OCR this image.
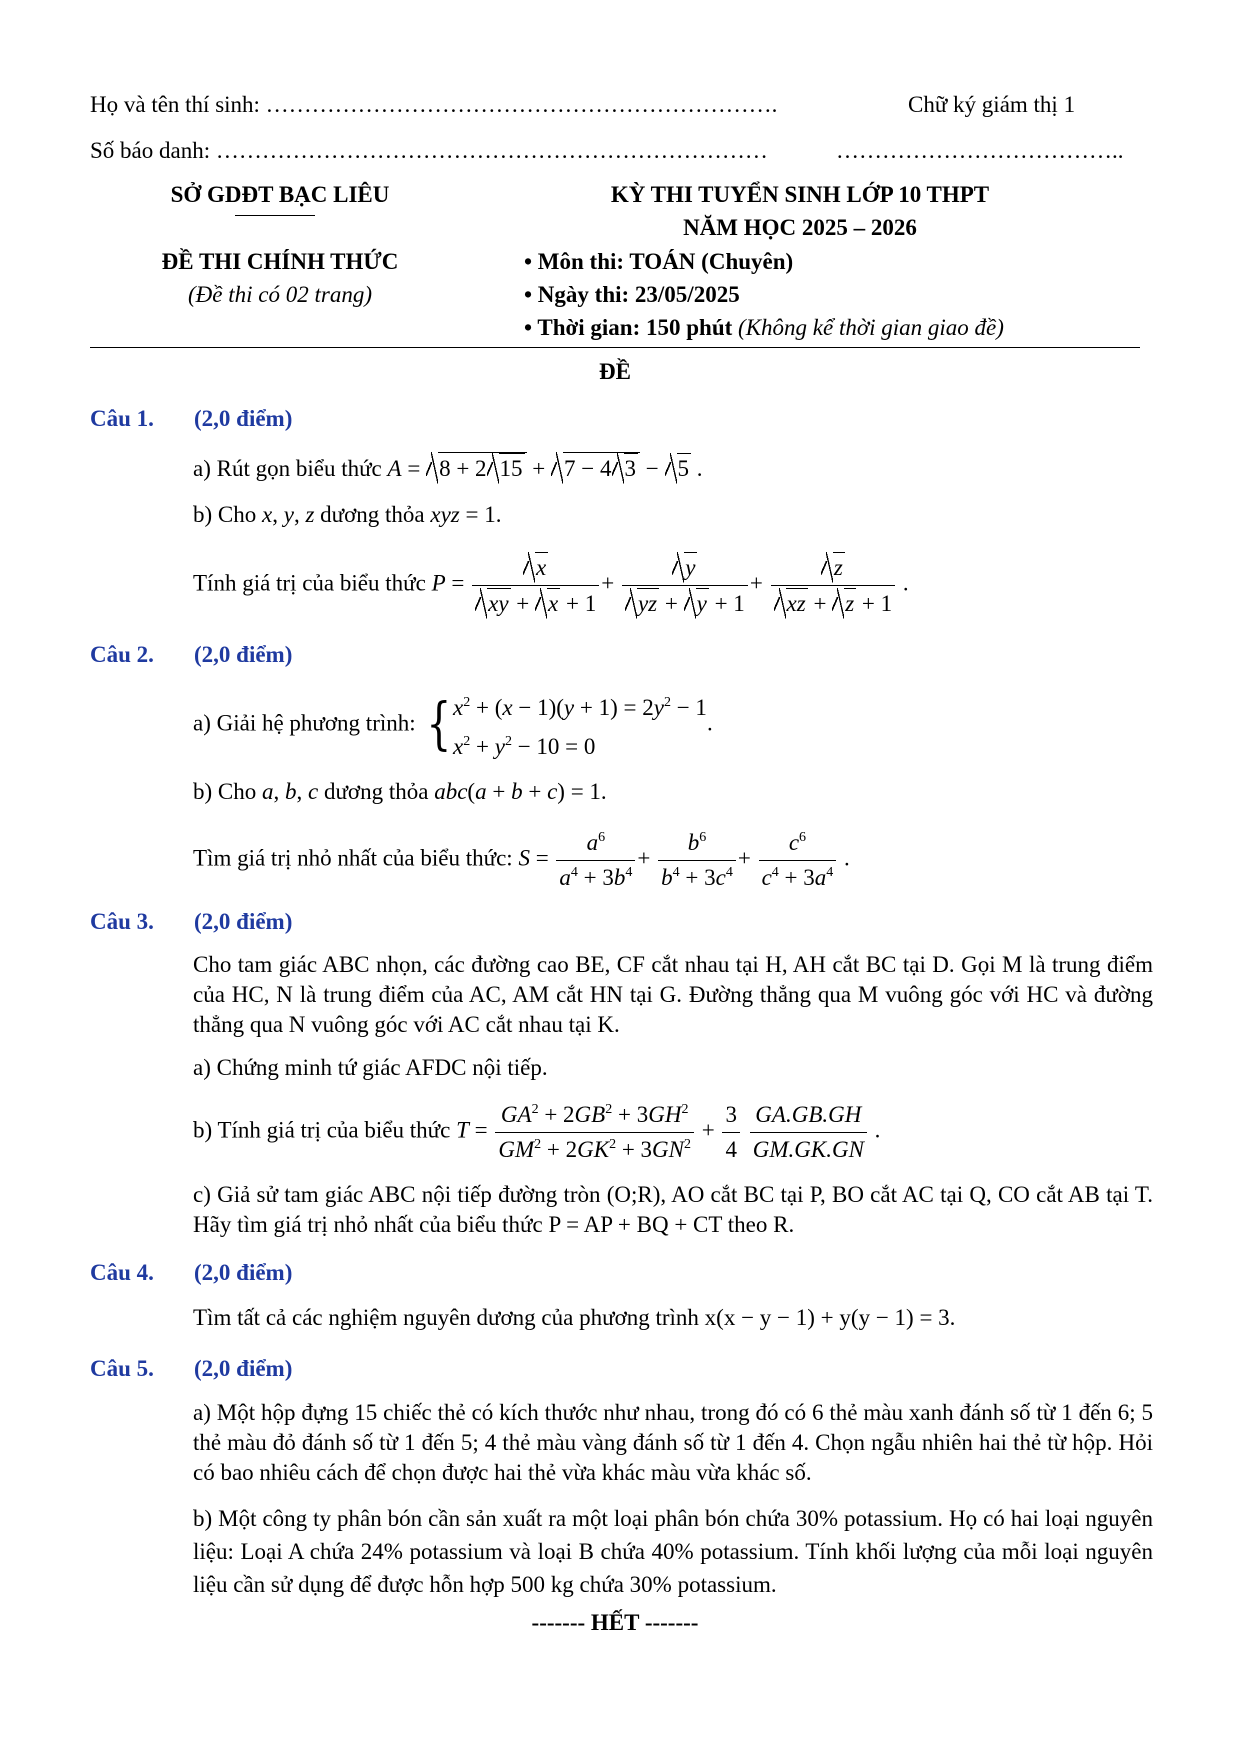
Họ và tên thí sinh: ………………………………………………………….	Chữ ký giám thị 1
Số báo danh: ………………………………………………………………	………………………………..
SỞ GDĐT BẠC LIÊU
ĐỀ THI CHÍNH THỨC
(Đề thi có 02 trang)
KỲ THI TUYỂN SINH LỚP 10 THPT
NĂM HỌC 2025 – 2026
• Môn thi: TOÁN (Chuyên)
• Ngày thi: 23/05/2025
• Thời gian: 150 phút (Không kể thời gian giao đề)
ĐỀ
Câu 1. (2,0 điểm)
a) Rút gọn biểu thức A = 8 + 2 15 + 7 − 4 3 − 5 .
b) Cho x, y, z dương thỏa xyz = 1.
Tính giá trị của biểu thức $P = \frac{x}{xy + x + 1} + \frac{y}{yz + y + 1} + \frac{z}{xz + z + 1}$ .
Câu 2. (2,0 điểm)
a) Giải hệ phương trình: { $x^2 + (x - 1)(y + 1) = 2y^2 - 1$
$x^2 + y^2 - 10 = 0$
.
b) Cho a, b, c dương thỏa abc(a + b + c) = 1.
Tìm giá trị nhỏ nhất của biểu thức: $S = \frac{a^6}{a^4 + 3b^4} + \frac{b^6}{b^4 + 3c^4} + \frac{c^6}{c^4 + 3a^4}$ .
Câu 3. (2,0 điểm)
Cho tam giác ABC nhọn, các đường cao BE, CF cắt nhau tại H, AH cắt BC tại D. Gọi M là trung điểm của HC, N là trung điểm của AC, AM cắt HN tại G. Đường thẳng qua M vuông góc với HC và đường thẳng qua N vuông góc với AC cắt nhau tại K.
a) Chứng minh tứ giác AFDC nội tiếp.
b) Tính giá trị của biểu thức $T = \frac{GA^2 + 2GB^2 + 3GH^2}{GM^2 + 2GK^2 + 3GN^2} + \frac{3}{4}$
$\frac{GA.GB.GH}{GM.GK.GN}$ .
c) Giả sử tam giác ABC nội tiếp đường tròn (O;R), AO cắt BC tại P, BO cắt AC tại Q, CO cắt AB tại T. Hãy tìm giá trị nhỏ nhất của biểu thức P = AP + BQ + CT theo R.
Câu 4. (2,0 điểm)
Tìm tất cả các nghiệm nguyên dương của phương trình x(x − y − 1) + y(y − 1) = 3.
Câu 5. (2,0 điểm)
a) Một hộp đựng 15 chiếc thẻ có kích thước như nhau, trong đó có 6 thẻ màu xanh đánh số từ 1 đến 6; 5 thẻ màu đỏ đánh số từ 1 đến 5; 4 thẻ màu vàng đánh số từ 1 đến 4. Chọn ngẫu nhiên hai thẻ từ hộp. Hỏi có bao nhiêu cách để chọn được hai thẻ vừa khác màu vừa khác số.
b) Một công ty phân bón cần sản xuất ra một loại phân bón chứa 30% potassium. Họ có hai loại nguyên liệu: Loại A chứa 24% potassium và loại B chứa 40% potassium. Tính khối lượng của mỗi loại nguyên liệu cần sử dụng để được hỗn hợp 500 kg chứa 30% potassium.
------- HẾT -------
